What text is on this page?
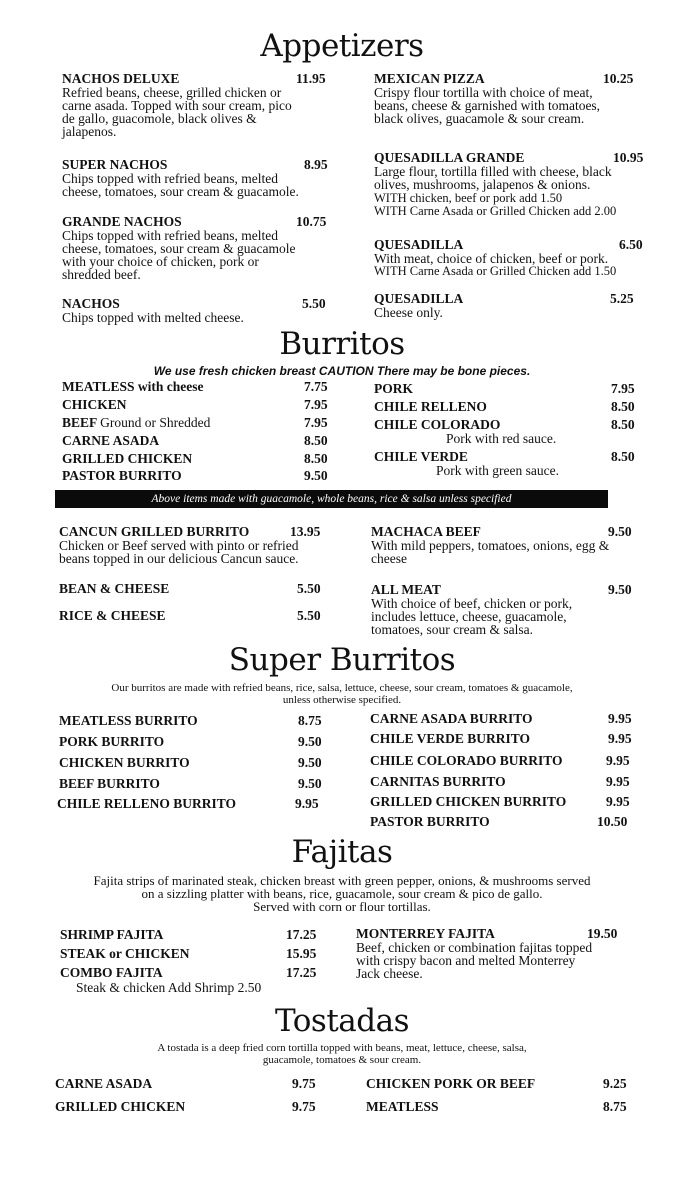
Appetizers
NACHOS DELUXE	11.95
Refried beans, cheese, grilled chicken or
carne asada. Topped with sour cream, pico
de gallo, guacomole, black olives &
jalapenos.
SUPER NACHOS	8.95
Chips topped with refried beans, melted
cheese, tomatoes, sour cream & guacamole.
GRANDE NACHOS	10.75
Chips topped with refried beans, melted
cheese, tomatoes, sour cream & guacamole
with your choice of chicken, pork or
shredded beef.
NACHOS	5.50
Chips topped with melted cheese.
MEXICAN PIZZA	10.25
Crispy flour tortilla with choice of meat,
beans, cheese & garnished with tomatoes,
black olives, guacamole & sour cream.
QUESADILLA GRANDE	10.95
Large flour, tortilla filled with cheese, black
olives, mushrooms, jalapenos & onions.
WITH chicken, beef or pork add 1.50
WITH Carne Asada or Grilled Chicken add 2.00
QUESADILLA	6.50
With meat, choice of chicken, beef or pork.
WITH Carne Asada or Grilled Chicken add 1.50
QUESADILLA	5.25
Cheese only.
Burritos
We use fresh chicken breast CAUTION There may be bone pieces.
MEATLESS with cheese	7.75
CHICKEN	7.95
BEEF Ground or Shredded	7.95
CARNE ASADA	8.50
GRILLED CHICKEN	8.50
PASTOR BURRITO	9.50
PORK	7.95
CHILE RELLENO	8.50
CHILE COLORADO	8.50
Pork with red sauce.
CHILE VERDE	8.50
Pork with green sauce.
Above items made with guacamole, whole beans, rice & salsa unless specified
CANCUN GRILLED BURRITO	13.95
Chicken or Beef served with pinto or refried
beans topped in our delicious Cancun sauce.
BEAN & CHEESE	5.50
RICE & CHEESE	5.50
MACHACA BEEF	9.50
With mild peppers, tomatoes, onions, egg &
cheese
ALL MEAT	9.50
With choice of beef, chicken or pork,
includes lettuce, cheese, guacamole,
tomatoes, sour cream & salsa.
Super Burritos
Our burritos are made with refried beans, rice, salsa, lettuce, cheese, sour cream, tomatoes & guacamole,
unless otherwise specified.
MEATLESS BURRITO	8.75
PORK BURRITO	9.50
CHICKEN BURRITO	9.50
BEEF BURRITO	9.50
CHILE RELLENO BURRITO	9.95
CARNE ASADA BURRITO	9.95
CHILE VERDE BURRITO	9.95
CHILE COLORADO BURRITO	9.95
CARNITAS BURRITO	9.95
GRILLED CHICKEN BURRITO	9.95
PASTOR BURRITO	10.50
Fajitas
Fajita strips of marinated steak, chicken breast with green pepper, onions, & mushrooms served
on a sizzling platter with beans, rice, guacamole, sour cream & pico de gallo.
Served with corn or flour tortillas.
SHRIMP FAJITA	17.25
STEAK or CHICKEN	15.95
COMBO FAJITA	17.25
Steak & chicken Add Shrimp 2.50
MONTERREY FAJITA	19.50
Beef, chicken or combination fajitas topped
with crispy bacon and melted Monterrey
Jack cheese.
Tostadas
A tostada is a deep fried corn tortilla topped with beans, meat, lettuce, cheese, salsa,
guacamole, tomatoes & sour cream.
CARNE ASADA	9.75
GRILLED CHICKEN	9.75
CHICKEN PORK OR BEEF	9.25
MEATLESS	8.75
